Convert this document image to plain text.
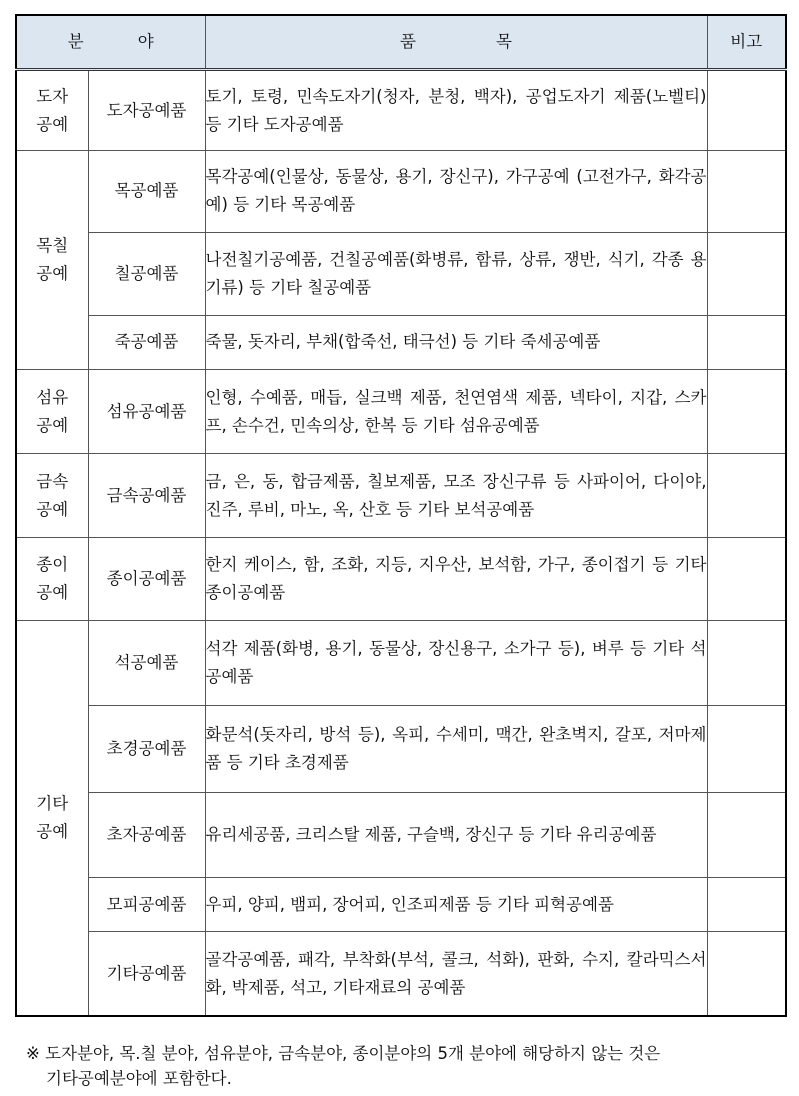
분 야		품 목	비고
도자
공예	도자공예품	토기, 토령, 민속도자기(청자, 분청, 백자), 공업도자기 제품(노벨티) 등 기타 도자공예품	
목칠
공예	목공예품	목각공예(인물상, 동물상, 용기, 장신구), 가구공예 (고전가구, 화각공예) 등 기타 목공예품	
	칠공예품	나전칠기공예품, 건칠공예품(화병류, 함류, 상류, 쟁반, 식기, 각종 용기류) 등 기타 칠공예품	
	죽공예품	죽물, 돗자리, 부채(합죽선, 태극선) 등 기타 죽세공예품	
섬유
공예	섬유공예품	인형, 수예품, 매듭, 실크백 제품, 천연염색 제품, 넥타이, 지갑, 스카프, 손수건, 민속의상, 한복 등 기타 섬유공예품	
금속
공예	금속공예품	금, 은, 동, 합금제품, 칠보제품, 모조 장신구류 등 사파이어, 다이야, 진주, 루비, 마노, 옥, 산호 등 기타 보석공예품	
종이
공예	종이공예품	한지 케이스, 함, 조화, 지등, 지우산, 보석함, 가구, 종이접기 등 기타 종이공예품	
기타
공예	석공예품	석각 제품(화병, 용기, 동물상, 장신용구, 소가구 등), 벼루 등 기타 석공예품	
	초경공예품	화문석(돗자리, 방석 등), 옥피, 수세미, 맥간, 완초벽지, 갈포, 저마제품 등 기타 초경제품	
	초자공예품	유리세공품, 크리스탈 제품, 구슬백, 장신구 등 기타 유리공예품	
	모피공예품	우피, 양피, 뱀피, 장어피, 인조피제품 등 기타 피혁공예품	
	기타공예품	골각공예품, 패각, 부착화(부석, 콜크, 석화), 판화, 수지, 칼라믹스서화, 박제품, 석고, 기타재료의 공예품	
※ 도자분야, 목.칠 분야, 섬유분야, 금속분야, 종이분야의 5개 분야에 해당하지 않는 것은
기타공예분야에 포함한다.
